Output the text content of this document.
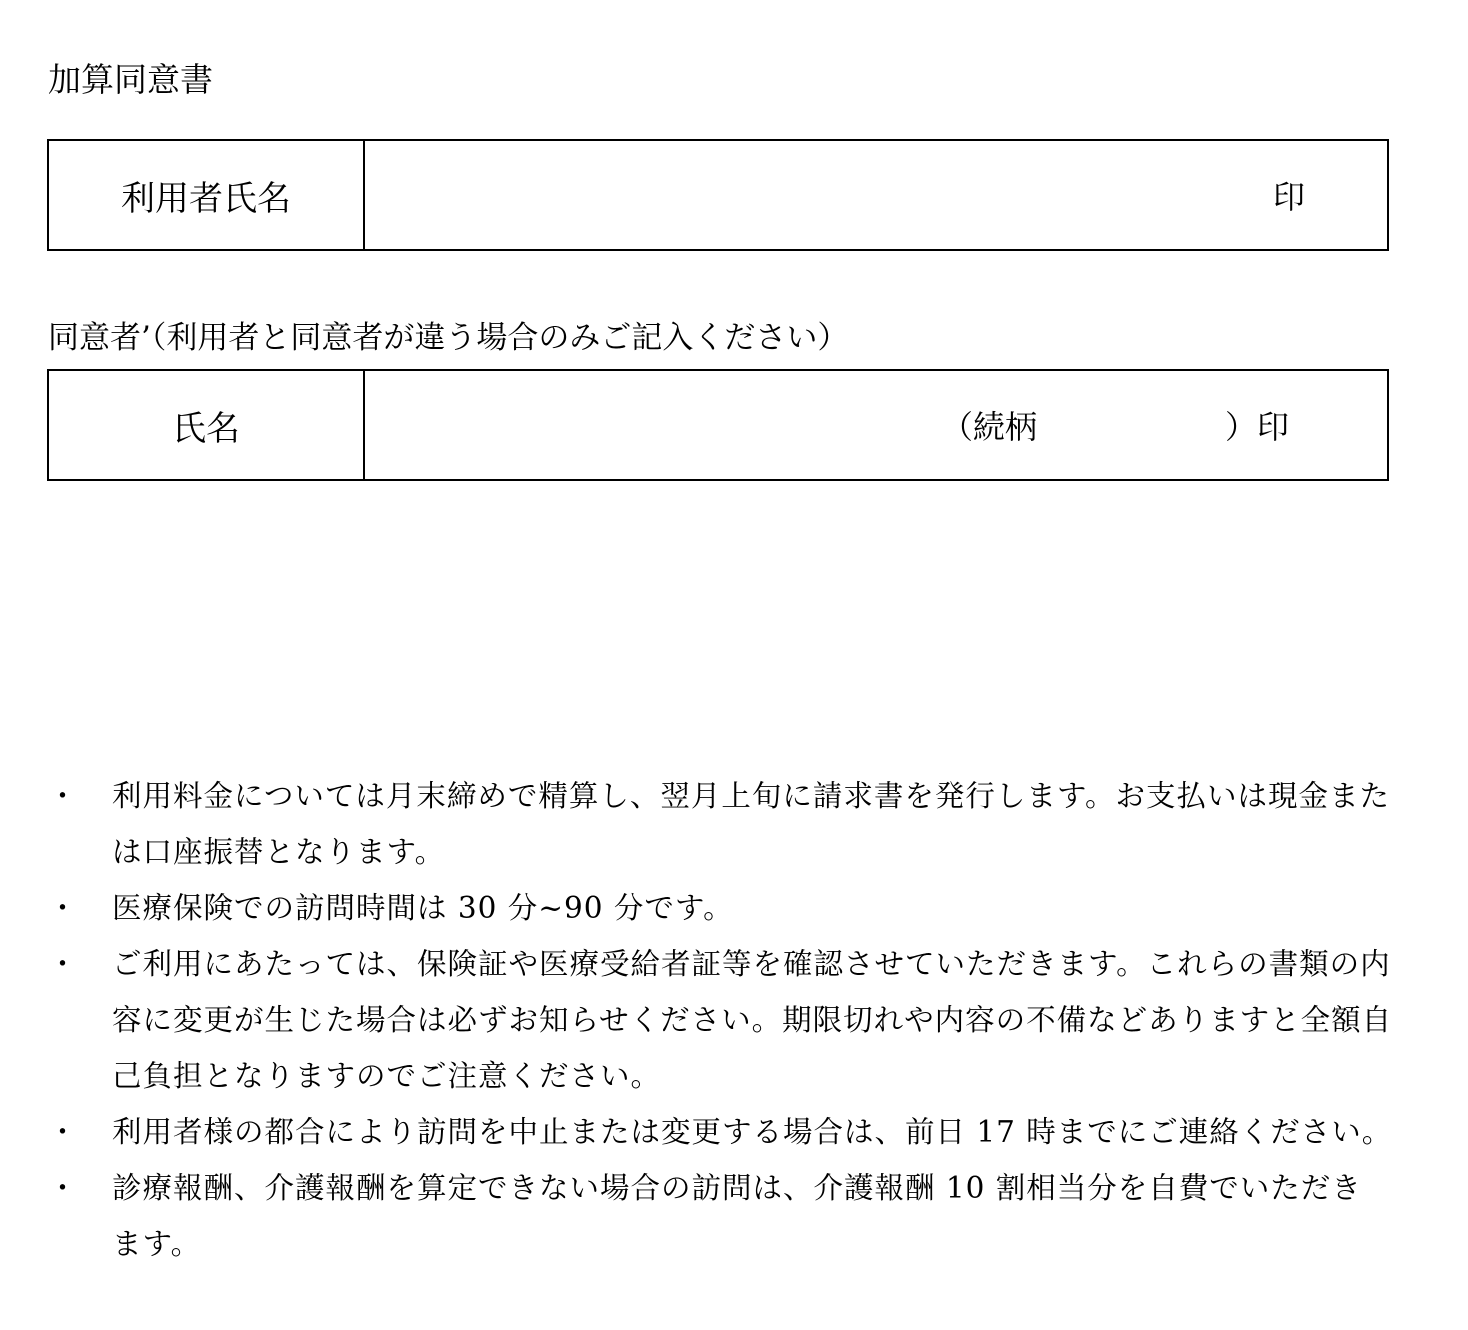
加算同意書
利用者氏名	印
同意者’（利用者と同意者が違う場合のみご記入ください）
氏名	（続柄	）印
・ 利用料金については月末締めで精算し、翌月上旬に請求書を発行します。お支払いは現金また
は口座振替となります。
・ 医療保険での訪問時間は 30 分~90 分です。
・ ご利用にあたっては、保険証や医療受給者証等を確認させていただきます。これらの書類の内
容に変更が生じた場合は必ずお知らせください。期限切れや内容の不備などありますと全額自
己負担となりますのでご注意ください。
・ 利用者様の都合により訪問を中止または変更する場合は、前日 17 時までにご連絡ください。
・ 診療報酬、介護報酬を算定できない場合の訪問は、介護報酬 10 割相当分を自費でいただき
ます。
